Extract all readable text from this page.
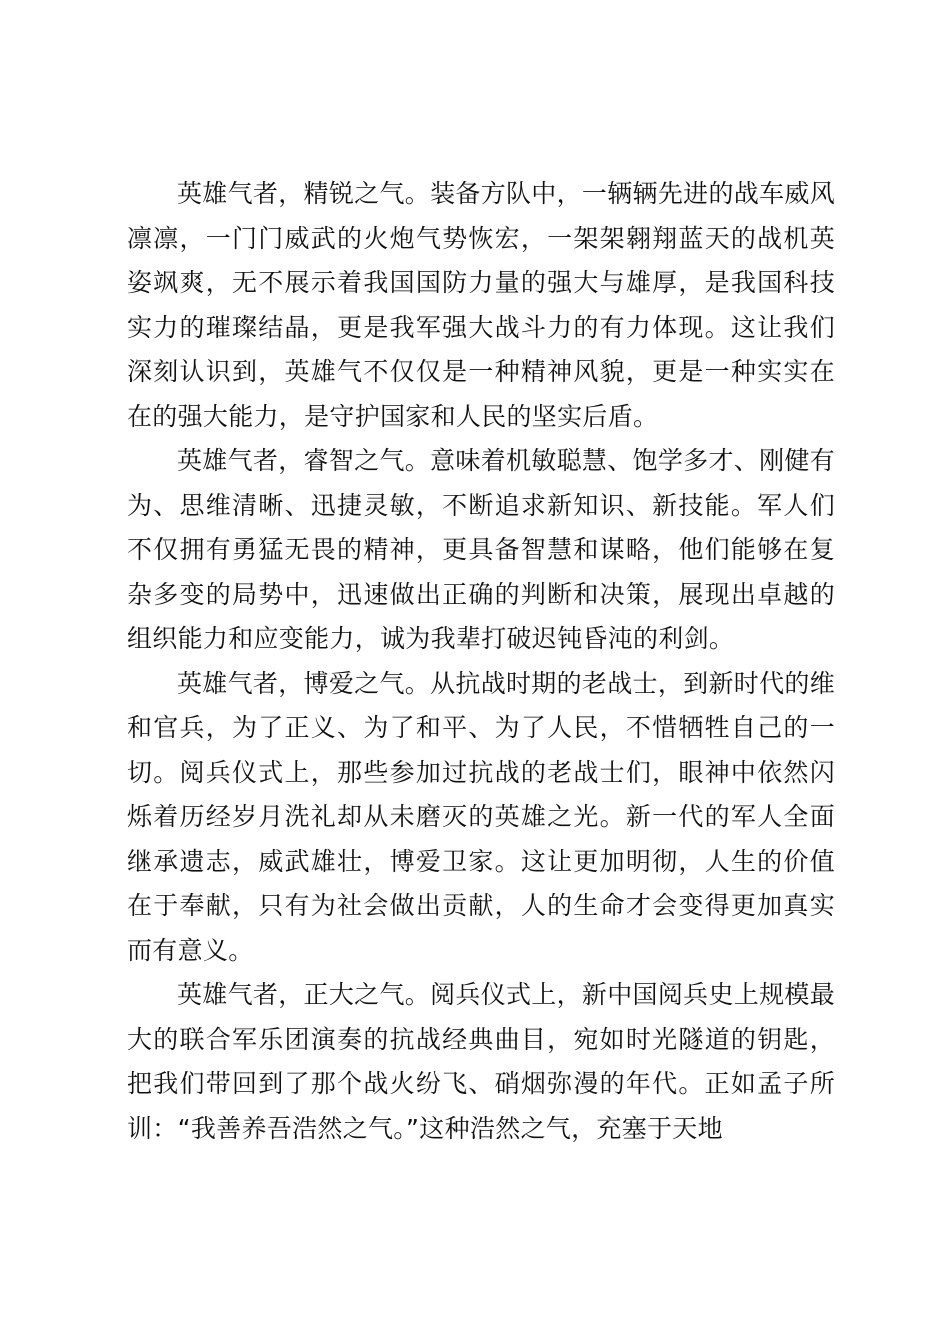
英雄气者，精锐之气。装备方队中，一辆辆先进的战车威风凛凛，一门门威武的火炮气势恢宏，一架架翱翔蓝天的战机英姿飒爽，无不展示着我国国防力量的强大与雄厚，是我国科技实力的璀璨结晶，更是我军强大战斗力的有力体现。这让我们深刻认识到，英雄气不仅仅是一种精神风貌，更是一种实实在在的强大能力，是守护国家和人民的坚实后盾。

英雄气者，睿智之气。意味着机敏聪慧、饱学多才、刚健有为、思维清晰、迅捷灵敏，不断追求新知识、新技能。军人们不仅拥有勇猛无畏的精神，更具备智慧和谋略，他们能够在复杂多变的局势中，迅速做出正确的判断和决策，展现出卓越的组织能力和应变能力，诚为我辈打破迟钝昏沌的利剑。

英雄气者，博爱之气。从抗战时期的老战士，到新时代的维和官兵，为了正义、为了和平、为了人民，不惜牺牲自己的一切。阅兵仪式上，那些参加过抗战的老战士们，眼神中依然闪烁着历经岁月洗礼却从未磨灭的英雄之光。新一代的军人全面继承遗志，威武雄壮，博爱卫家。这让更加明彻，人生的价值在于奉献，只有为社会做出贡献，人的生命才会变得更加真实而有意义。

英雄气者，正大之气。阅兵仪式上，新中国阅兵史上规模最大的联合军乐团演奏的抗战经典曲目，宛如时光隧道的钥匙，把我们带回到了那个战火纷飞、硝烟弥漫的年代。正如孟子所训：“我善养吾浩然之气。”这种浩然之气，充塞于天地
